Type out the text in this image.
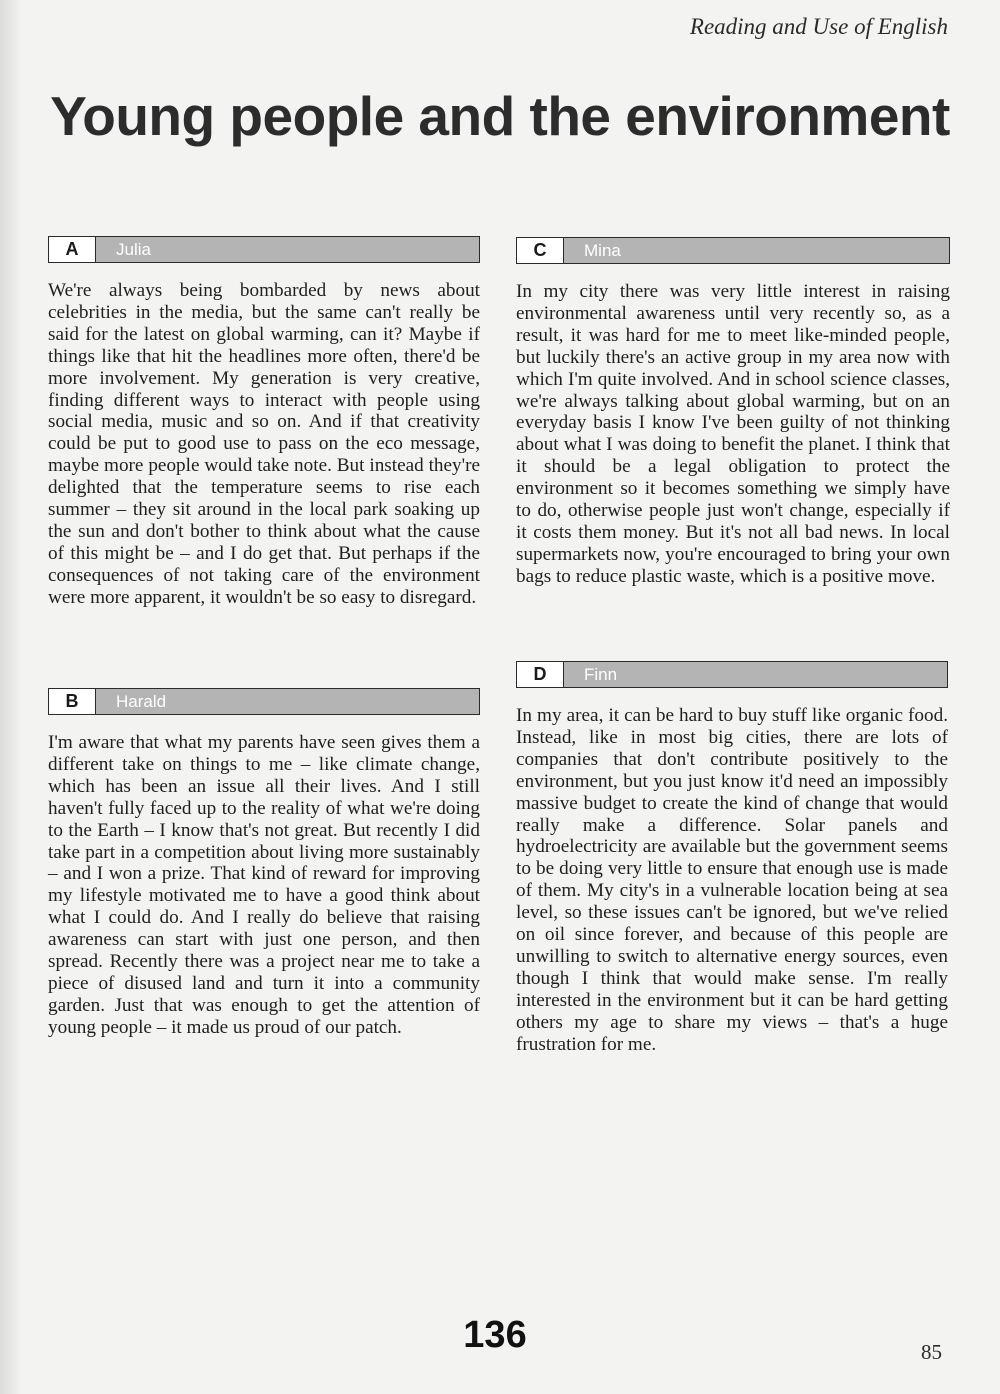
Reading and Use of English
Young people and the environment
A	Julia
We're always being bombarded by news about celebrities in the media, but the same can't really be said for the latest on global warming, can it? Maybe if things like that hit the headlines more often, there'd be more involvement. My generation is very creative, finding different ways to interact with people using social media, music and so on. And if that creativity could be put to good use to pass on the eco message, maybe more people would take note. But instead they're delighted that the temperature seems to rise each summer – they sit around in the local park soaking up the sun and don't bother to think about what the cause of this might be – and I do get that. But perhaps if the consequences of not taking care of the environment were more apparent, it wouldn't be so easy to disregard.
B	Harald
I'm aware that what my parents have seen gives them a different take on things to me – like climate change, which has been an issue all their lives. And I still haven't fully faced up to the reality of what we're doing to the Earth – I know that's not great. But recently I did take part in a competition about living more sustainably – and I won a prize. That kind of reward for improving my lifestyle motivated me to have a good think about what I could do. And I really do believe that raising awareness can start with just one person, and then spread. Recently there was a project near me to take a piece of disused land and turn it into a community garden. Just that was enough to get the attention of young people – it made us proud of our patch.
C	Mina
In my city there was very little interest in raising environmental awareness until very recently so, as a result, it was hard for me to meet like-minded people, but luckily there's an active group in my area now with which I'm quite involved. And in school science classes, we're always talking about global warming, but on an everyday basis I know I've been guilty of not thinking about what I was doing to benefit the planet. I think that it should be a legal obligation to protect the environment so it becomes something we simply have to do, otherwise people just won't change, especially if it costs them money. But it's not all bad news. In local supermarkets now, you're encouraged to bring your own bags to reduce plastic waste, which is a positive move.
D	Finn
In my area, it can be hard to buy stuff like organic food. Instead, like in most big cities, there are lots of companies that don't contribute positively to the environment, but you just know it'd need an impossibly massive budget to create the kind of change that would really make a difference. Solar panels and hydroelectricity are available but the government seems to be doing very little to ensure that enough use is made of them. My city's in a vulnerable location being at sea level, so these issues can't be ignored, but we've relied on oil since forever, and because of this people are unwilling to switch to alternative energy sources, even though I think that would make sense. I'm really interested in the environment but it can be hard getting others my age to share my views – that's a huge frustration for me.
136	85
